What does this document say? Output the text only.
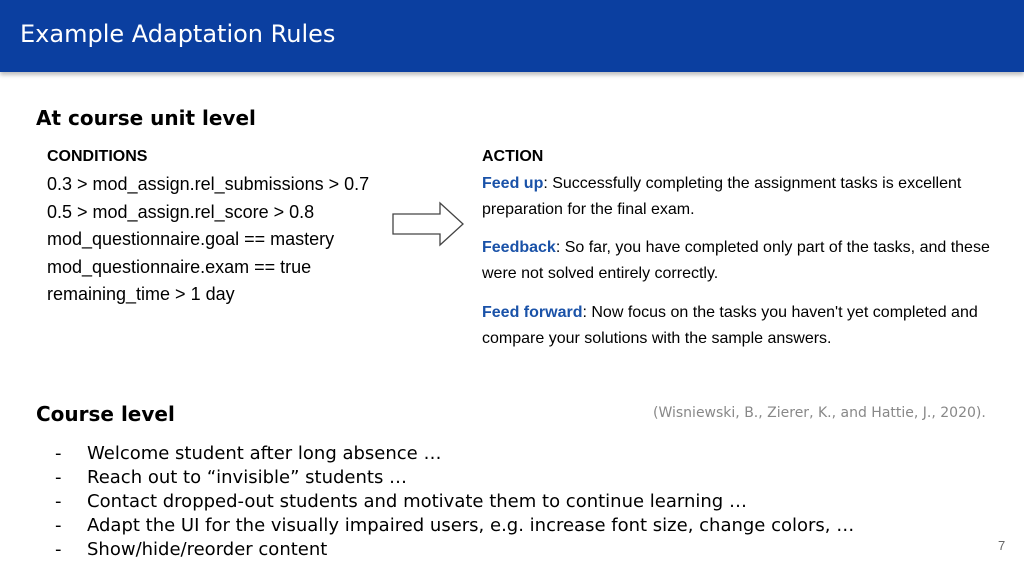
Example Adaptation Rules
At course unit level
CONDITIONS
0.3 > mod_assign.rel_submissions > 0.7
0.5 > mod_assign.rel_score > 0.8
mod_questionnaire.goal == mastery
mod_questionnaire.exam == true
remaining_time > 1 day
ACTION
Feed up: Successfully completing the assignment tasks is excellent preparation for the final exam.
Feedback: So far, you have completed only part of the tasks, and these were not solved entirely correctly.
Feed forward: Now focus on the tasks you haven't yet completed and compare your solutions with the sample answers.
Course level	(Wisniewski, B., Zierer, K., and Hattie, J., 2020).
- Welcome student after long absence …
- Reach out to “invisible” students …
- Contact dropped-out students and motivate them to continue learning …
- Adapt the UI for the visually impaired users, e.g. increase font size, change colors, …
- Show/hide/reorder content	7
